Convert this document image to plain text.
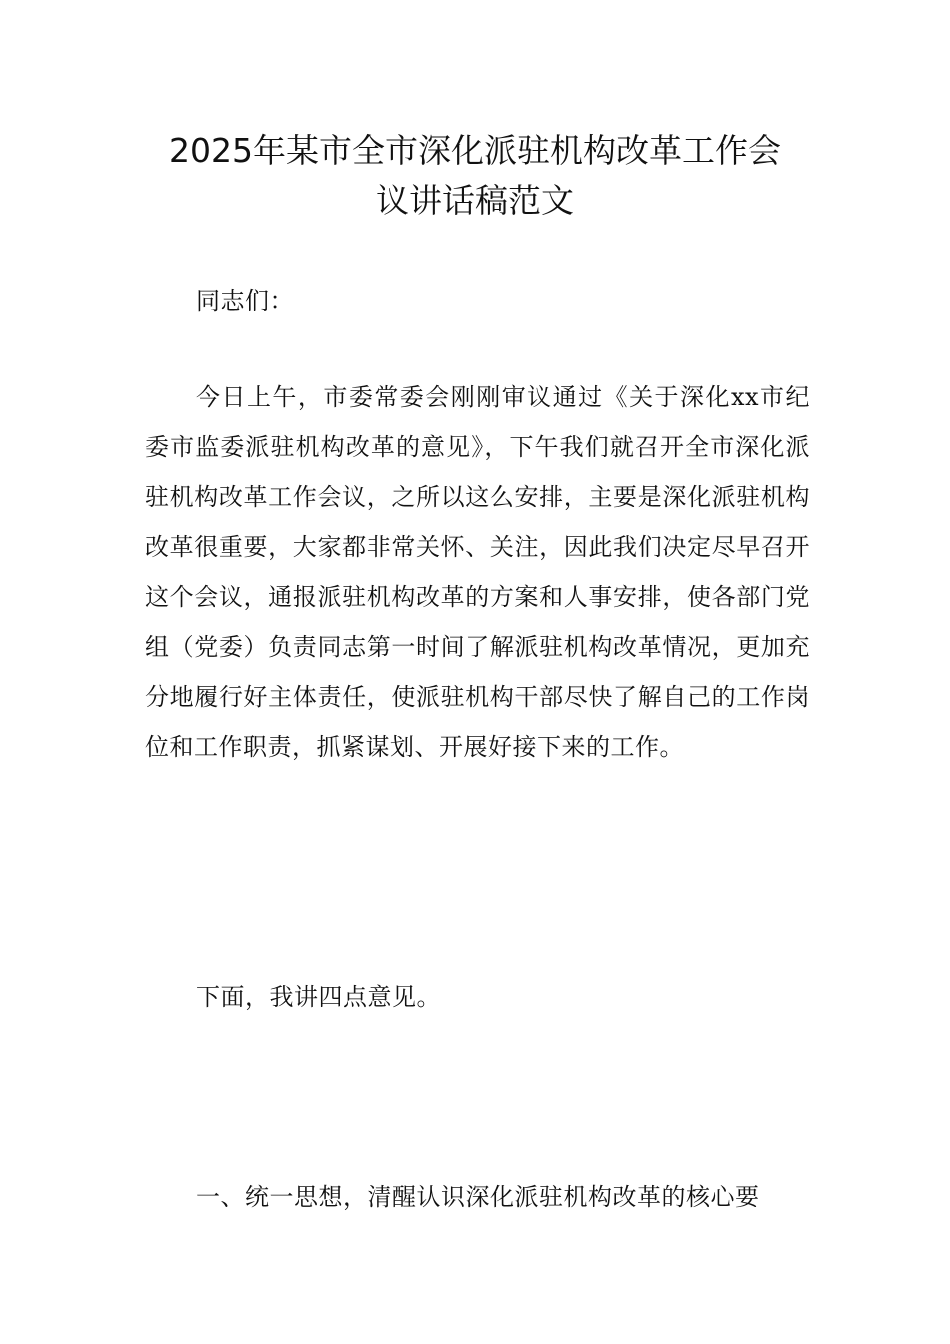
2025年某市全市深化派驻机构改革工作会
议讲话稿范文

同志们：

今日上午，市委常委会刚刚审议通过《关于深化xx市纪委市监委派驻机构改革的意见》，下午我们就召开全市深化派驻机构改革工作会议，之所以这么安排，主要是深化派驻机构改革很重要，大家都非常关怀、关注，因此我们决定尽早召开这个会议，通报派驻机构改革的方案和人事安排，使各部门党组（党委）负责同志第一时间了解派驻机构改革情况，更加充分地履行好主体责任，使派驻机构干部尽快了解自己的工作岗位和工作职责，抓紧谋划、开展好接下来的工作。

下面，我讲四点意见。

一、统一思想，清醒认识深化派驻机构改革的核心要
